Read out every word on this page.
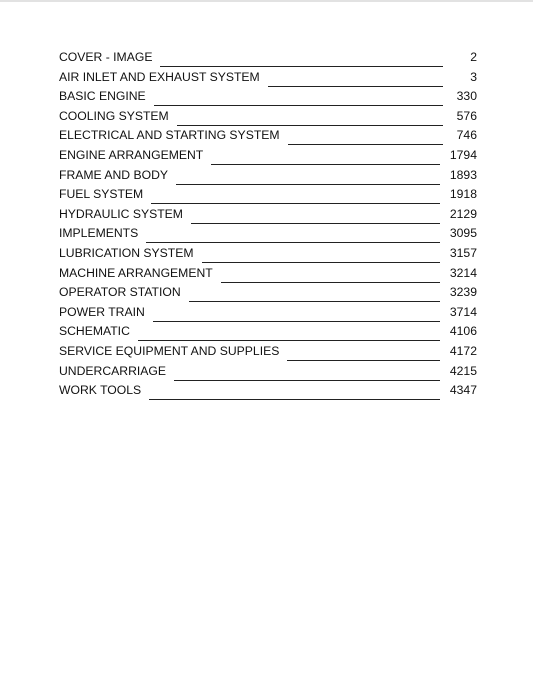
COVER - IMAGE	2
AIR INLET AND EXHAUST SYSTEM	3
BASIC ENGINE	330
COOLING SYSTEM	576
ELECTRICAL AND STARTING SYSTEM	746
ENGINE ARRANGEMENT	1794
FRAME AND BODY	1893
FUEL SYSTEM	1918
HYDRAULIC SYSTEM	2129
IMPLEMENTS	3095
LUBRICATION SYSTEM	3157
MACHINE ARRANGEMENT	3214
OPERATOR STATION	3239
POWER TRAIN	3714
SCHEMATIC	4106
SERVICE EQUIPMENT AND SUPPLIES	4172
UNDERCARRIAGE	4215
WORK TOOLS	4347
